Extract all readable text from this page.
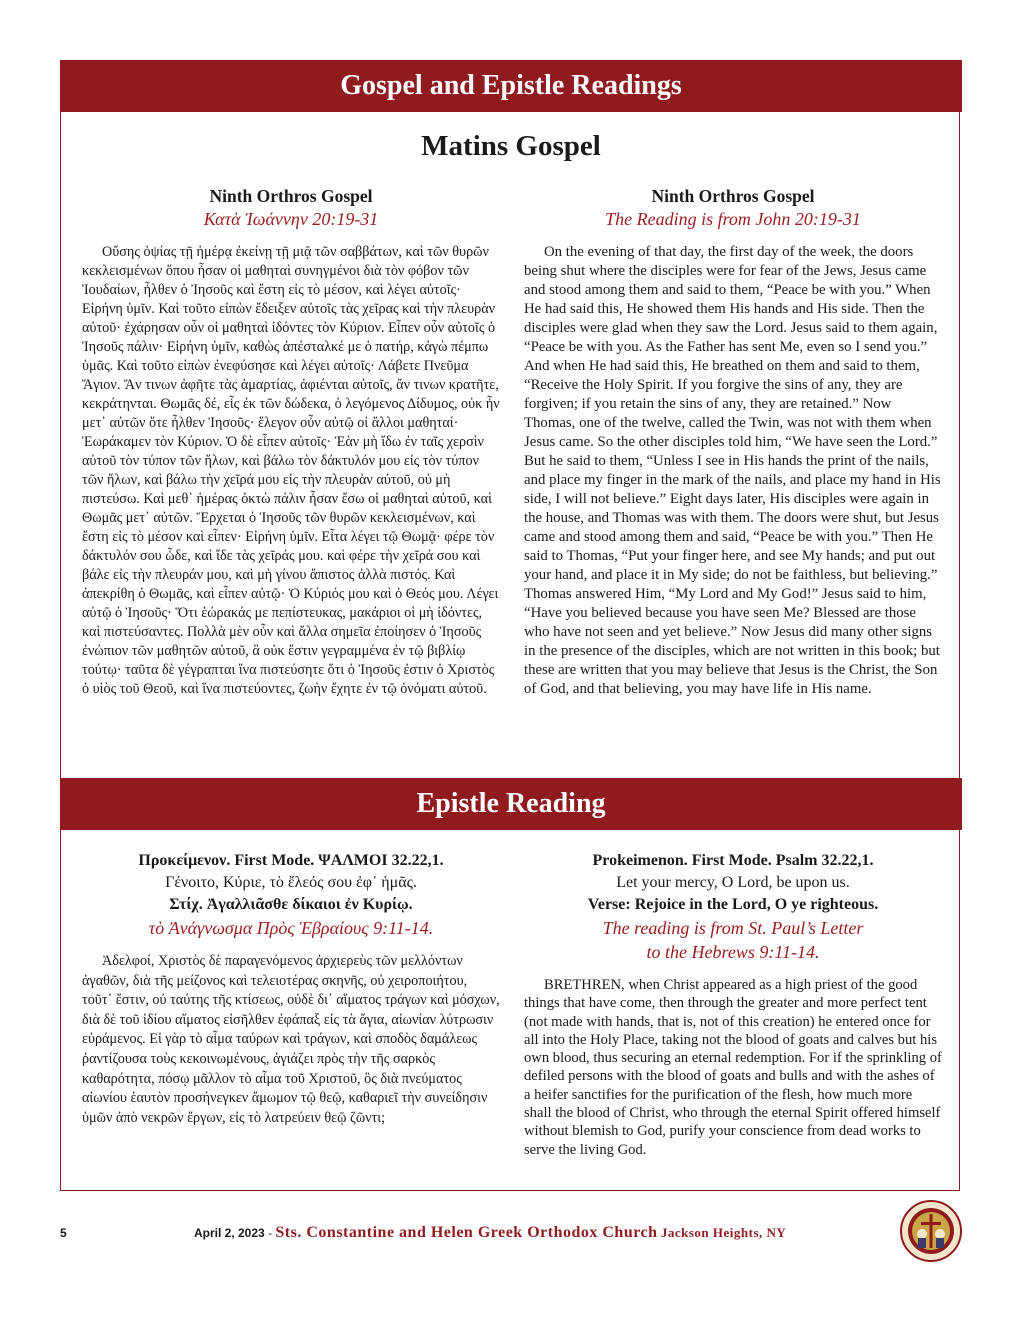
Gospel and Epistle Readings
Matins Gospel
Ninth Orthros Gospel
Κατὰ Ἰωάννην 20:19-31
Οὔσης ὀψίας τῇ ἡμέρᾳ ἐκείνῃ τῇ μιᾷ τῶν σαββάτων, καὶ τῶν θυρῶν κεκλεισμένων ὅπου ἦσαν οἱ μαθηταὶ συνηγμένοι διὰ τὸν φόβον τῶν Ἰουδαίων, ἦλθεν ὁ Ἰησοῦς καὶ ἔστη εἰς τὸ μέσον, καὶ λέγει αὐτοῖς· Εἰρήνη ὑμῖν. Καὶ τοῦτο εἰπὼν ἔδειξεν αὐτοῖς τὰς χεῖρας καὶ τὴν πλευρὰν αὐτοῦ· ἐχάρησαν οὖν οἱ μαθηταὶ ἰδόντες τὸν Κύριον. Εἶπεν οὖν αὐτοῖς ὁ Ἰησοῦς πάλιν· Εἰρήνη ὑμῖν, καθὼς ἀπέσταλκέ με ὁ πατήρ, κἀγὼ πέμπω ὑμᾶς. Καὶ τοῦτο εἰπὼν ἐνεφύσησε καὶ λέγει αὐτοῖς· Λάβετε Πνεῦμα Ἅγιον. Ἄν τινων ἀφῆτε τὰς ἁμαρτίας, ἀφιένται αὐτοῖς, ἄν τινων κρατῆτε, κεκράτηνται. Θωμᾶς δέ, εἷς ἐκ τῶν δώδεκα, ὁ λεγόμενος Δίδυμος, οὐκ ἦν μετ᾽ αὐτῶν ὅτε ἦλθεν Ἰησοῦς· ἔλεγον οὖν αὐτῷ οἱ ἄλλοι μαθηταί· Ἑωράκαμεν τὸν Κύριον. Ὁ δὲ εἶπεν αὐτοῖς· Ἐὰν μὴ ἴδω ἐν ταῖς χερσὶν αὐτοῦ τὸν τύπον τῶν ἥλων, καὶ βάλω τὸν δάκτυλόν μου εἰς τὸν τύπον τῶν ἥλων, καὶ βάλω τὴν χεῖρά μου εἰς τὴν πλευρὰν αὐτοῦ, οὐ μὴ πιστεύσω. Καὶ μεθ᾽ ἡμέρας ὀκτὼ πάλιν ἦσαν ἔσω οἱ μαθηταὶ αὐτοῦ, καὶ Θωμᾶς μετ᾽ αὐτῶν. Ἔρχεται ὁ Ἰησοῦς τῶν θυρῶν κεκλεισμένων, καὶ ἔστη εἰς τὸ μέσον καὶ εἶπεν· Εἰρήνη ὑμῖν. Εἶτα λέγει τῷ Θωμᾷ· φέρε τὸν δάκτυλόν σου ὧδε, καὶ ἴδε τὰς χεῖράς μου. καὶ φέρε τὴν χεῖρά σου καὶ βάλε εἰς τὴν πλευράν μου, καὶ μὴ γίνου ἄπιστος ἀλλὰ πιστός. Καὶ ἀπεκρίθη ὁ Θωμᾶς, καὶ εἶπεν αὐτῷ· Ὁ Κύριός μου καὶ ὁ Θεός μου. Λέγει αὐτῷ ὁ Ἰησοῦς· Ὅτι ἑώρακάς με πεπίστευκας, μακάριοι οἱ μὴ ἰδόντες, καὶ πιστεύσαντες. Πολλὰ μὲν οὖν καὶ ἄλλα σημεῖα ἐποίησεν ὁ Ἰησοῦς ἐνώπιον τῶν μαθητῶν αὐτοῦ, ἃ οὐκ ἔστιν γεγραμμένα ἐν τῷ βιβλίῳ τούτῳ· ταῦτα δὲ γέγραπται ἵνα πιστεύσητε ὅτι ὁ Ἰησοῦς ἐστιν ὁ Χριστὸς ὁ υἱὸς τοῦ Θεοῦ, καὶ ἵνα πιστεύοντες, ζωὴν ἔχητε ἐν τῷ ὀνόματι αὐτοῦ.
Ninth Orthros Gospel
The Reading is from John 20:19-31
On the evening of that day, the first day of the week, the doors being shut where the disciples were for fear of the Jews, Jesus came and stood among them and said to them, “Peace be with you.” When He had said this, He showed them His hands and His side. Then the disciples were glad when they saw the Lord. Jesus said to them again, “Peace be with you. As the Father has sent Me, even so I send you.” And when He had said this, He breathed on them and said to them, “Receive the Holy Spirit. If you forgive the sins of any, they are forgiven; if you retain the sins of any, they are retained.” Now Thomas, one of the twelve, called the Twin, was not with them when Jesus came. So the other disciples told him, “We have seen the Lord.” But he said to them, “Unless I see in His hands the print of the nails, and place my finger in the mark of the nails, and place my hand in His side, I will not believe.” Eight days later, His disciples were again in the house, and Thomas was with them. The doors were shut, but Jesus came and stood among them and said, “Peace be with you.” Then He said to Thomas, “Put your finger here, and see My hands; and put out your hand, and place it in My side; do not be faithless, but believing.” Thomas answered Him, “My Lord and My God!” Jesus said to him, “Have you believed because you have seen Me? Blessed are those who have not seen and yet believe.” Now Jesus did many other signs in the presence of the disciples, which are not written in this book; but these are written that you may believe that Jesus is the Christ, the Son of God, and that believing, you may have life in His name.
Epistle Reading
Προκείμενον. First Mode. ΨΑΛΜΟΙ 32.22,1.
Γένοιτο, Κύριε, τὸ ἔλεός σου ἐφ᾽ ἡμᾶς.
Στίχ. Ἀγαλλιᾶσθε δίκαιοι ἐν Κυρίῳ.
τὸ Ἀνάγνωσμα Πρὸς Ἑβραίους 9:11-14.
Ἀδελφοί, Χριστὸς δὲ παραγενόμενος ἀρχιερεὺς τῶν μελλόντων ἀγαθῶν, διὰ τῆς μείζονος καὶ τελειοτέρας σκηνῆς, οὐ χειροποιήτου, τοῦτ᾽ ἔστιν, οὐ ταύτης τῆς κτίσεως, οὐδὲ δι᾽ αἵματος τράγων καὶ μόσχων, διὰ δὲ τοῦ ἰδίου αἵματος εἰσῆλθεν ἐφάπαξ εἰς τὰ ἅγια, αἰωνίαν λύτρωσιν εὑράμενος. Εἰ γὰρ τὸ αἷμα ταύρων καὶ τράγων, καὶ σποδὸς δαμάλεως ῥαντίζουσα τοὺς κεκοινωμένους, ἁγιάζει πρὸς τὴν τῆς σαρκὸς καθαρότητα, πόσῳ μᾶλλον τὸ αἷμα τοῦ Χριστοῦ, ὃς διὰ πνεύματος αἰωνίου ἑαυτὸν προσήνεγκεν ἄμωμον τῷ θεῷ, καθαριεῖ τὴν συνείδησιν ὑμῶν ἀπὸ νεκρῶν ἔργων, εἰς τὸ λατρεύειν θεῷ ζῶντι;
Prokeimenon. First Mode. Psalm 32.22,1.
Let your mercy, O Lord, be upon us.
Verse: Rejoice in the Lord, O ye righteous.
The reading is from St. Paul’s Letter
to the Hebrews 9:11-14.
BRETHREN, when Christ appeared as a high priest of the good things that have come, then through the greater and more perfect tent (not made with hands, that is, not of this creation) he entered once for all into the Holy Place, taking not the blood of goats and calves but his own blood, thus securing an eternal redemption. For if the sprinkling of defiled persons with the blood of goats and bulls and with the ashes of a heifer sanctifies for the purification of the flesh, how much more shall the blood of Christ, who through the eternal Spirit offered himself without blemish to God, purify your conscience from dead works to serve the living God.
5	April 2, 2023 - Sts. Constantine and Helen Greek Orthodox Church Jackson Heights, NY
